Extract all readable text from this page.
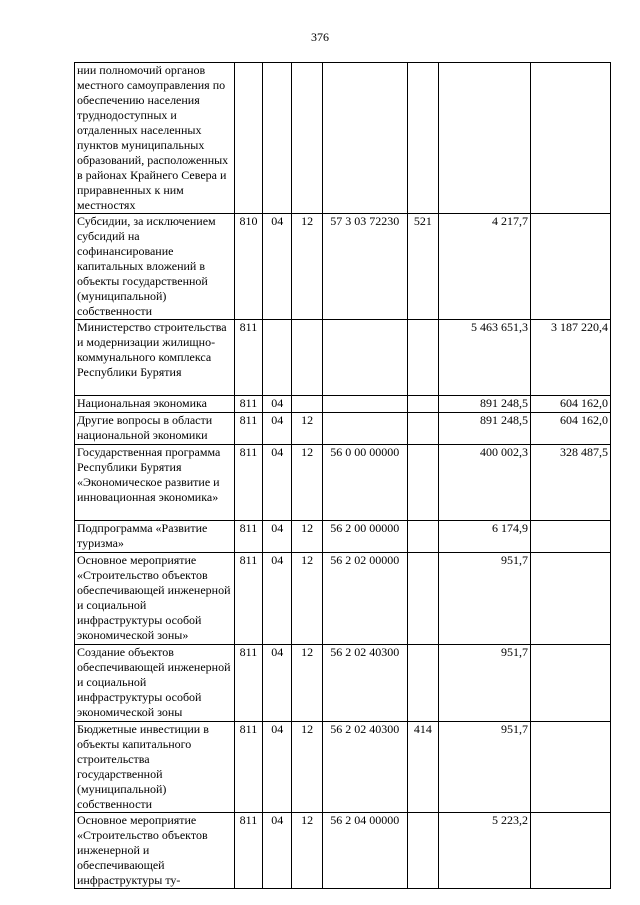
376
нии полномочий органов местного самоуправления по обеспечению населения труднодоступных и отдаленных населенных пунктов муниципальных образований, расположенных в районах Крайнего Севера и приравненных к ним местностях							
Субсидии, за исключением субсидий на софинансирование капитальных вложений в объекты государственной (муниципальной) собственности	810	04	12	57 3 03 72230	521	4 217,7	
Министерство строительства и модернизации жилищно-коммунального комплекса Республики Бурятия	811					5 463 651,3	3 187 220,4
Национальная экономика	811	04				891 248,5	604 162,0
Другие вопросы в области национальной экономики	811	04	12			891 248,5	604 162,0
Государственная программа Республики Бурятия «Экономическое развитие и инновационная экономика»	811	04	12	56 0 00 00000		400 002,3	328 487,5
Подпрограмма «Развитие туризма»	811	04	12	56 2 00 00000		6 174,9	
Основное мероприятие «Строительство объектов обеспечивающей инженерной и социальной инфраструктуры особой экономической зоны»	811	04	12	56 2 02 00000		951,7	
Создание объектов обеспечивающей инженерной и социальной инфраструктуры особой экономической зоны	811	04	12	56 2 02 40300		951,7	
Бюджетные инвестиции в объекты капитального строительства государственной (муниципальной) собственности	811	04	12	56 2 02 40300	414	951,7	
Основное мероприятие «Строительство объектов инженерной и обеспечивающей инфраструктуры ту-	811	04	12	56 2 04 00000		5 223,2	
